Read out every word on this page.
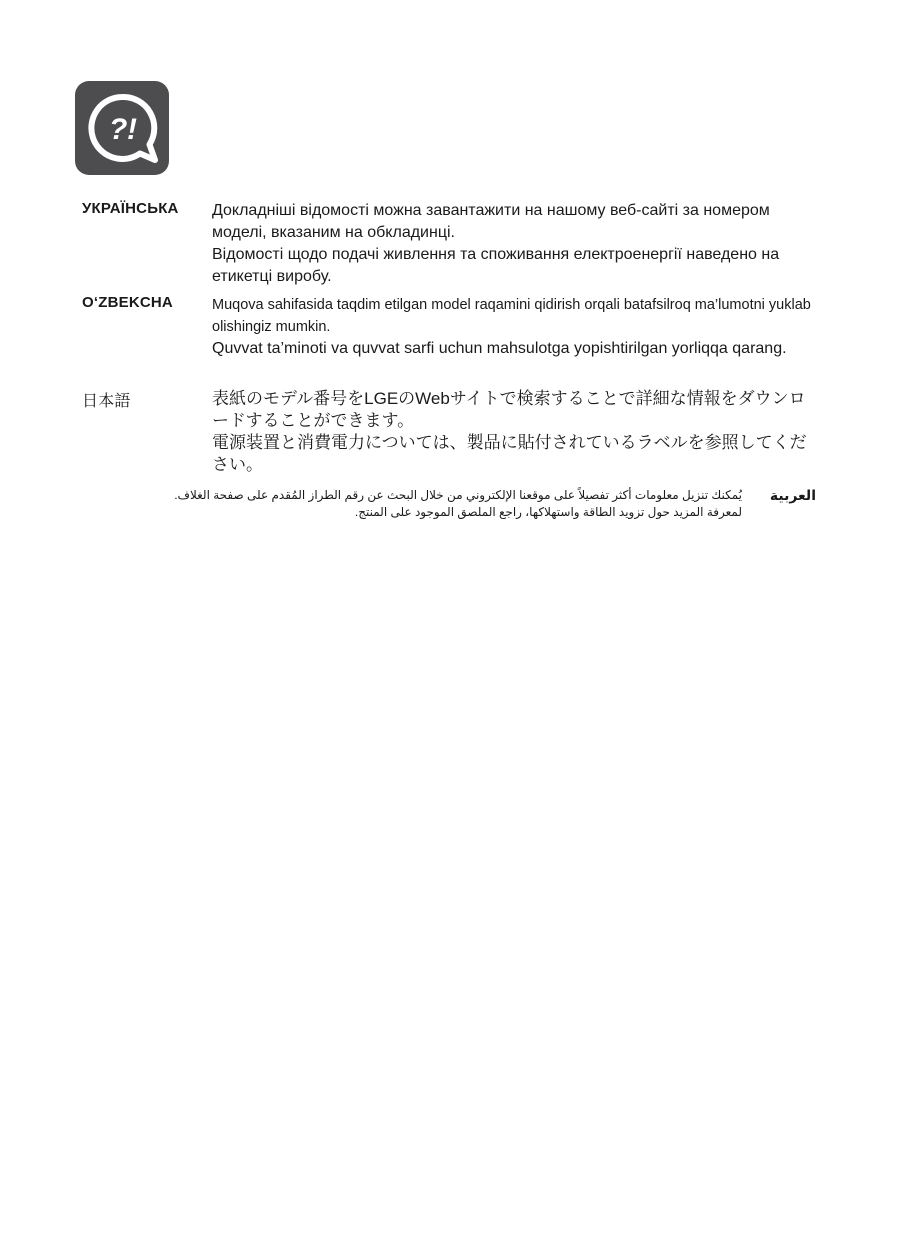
? !
УКРАЇНСЬКА Докладніші відомості можна завантажити на нашому веб-сайті за номером моделі, вказаним на обкладинці.

Відомості щодо подачі живлення та споживання електроенергії наведено на етикетці виробу.

O‘ZBEKCHA	Muqova sahifasida taqdim etilgan model raqamini qidirish orqali batafsilroq ma’lumotni yuklab olishingiz mumkin.

Quvvat ta’minoti va quvvat sarfi uchun mahsulotga yopishtirilgan yorliqqa qarang.

日本語	表紙のモデル番号をLGEのWebサイトで検索することで詳細な情報をダウンロードすることができます。

電源装置と消費電力については、製品に貼付されているラベルを参照してください。

العربية

يُمكنك تنزيل معلومات أكثر تفصيلاً على موقعنا الإلكتروني من خلال البحث عن رقم الطراز المُقدم على صفحة الغلاف.

لمعرفة المزيد حول تزويد الطاقة واستهلاكها، راجع الملصق الموجود على المنتج.
